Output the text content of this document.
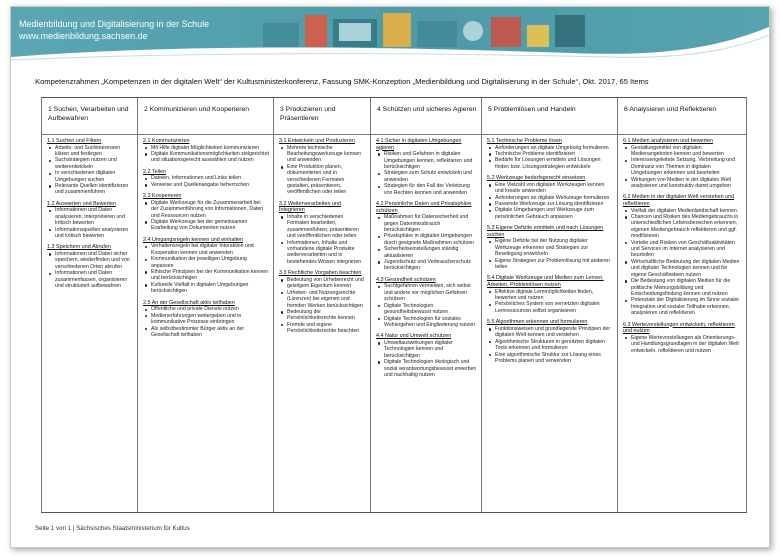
Medienbildung und Digitalisierung in der Schule
www.medienbildung.sachsen.de
Kompetenzrahmen „Kompetenzen in der digitalen Welt“ der Kultusministerkonferenz, Fassung SMK-Konzeption „Medienbildung und Digitalisierung in der Schule“, Okt. 2017, 65 Items
1 Suchen, Verarbeiten und Aufbewahren
1.1 Suchen und Filtern
Arbeits- und Suchinteressen klären und festlegen
Suchstrategien nutzen und weiterentwickeln
In verschiedenen digitalen Umgebungen suchen
Relevante Quellen identifizieren und zusammenführen
1.2 Auswerten und Bewerten
Informationen und Daten analysieren, interpretieren und kritisch bewerten
Informationsquellen analysieren und kritisch bewerten
1.3 Speichern und Abrufen
Informationen und Daten sicher speichern, wiederfinden und von verschiedenen Orten abrufen
Informationen und Daten zusammenfassen, organisieren und strukturiert aufbewahren
2 Kommunizieren und Kooperieren
2.1 Kommunizieren
Mit Hilfe digitaler Möglichkeiten kommunizieren
Digitale Kommunikationsmöglichkeiten zielgerichtet und situationsgerecht auswählen und nutzen
2.2 Teilen
Dateien, Informationen und Links teilen
Verweise und Quellenangabe beherrschen
2.3 Kooperieren
Digitale Werkzeuge für die Zusammenarbeit bei der Zusammenführung von Informationen, Daten und Ressourcen nutzen
Digitale Werkzeuge bei der gemeinsamen Erarbeitung von Dokumenten nutzen
2.4 Umgangsregeln kennen und einhalten
Verhaltensregeln bei digitaler Interaktion und Kooperation kennen und anwenden
Kommunikation der jeweiligen Umgebung anpassen
Ethische Prinzipien bei der Kommunikation kennen und berücksichtigen
Kulturelle Vielfalt in digitalen Umgebungen berücksichtigen
2.5 An der Gesellschaft aktiv teilhaben
Öffentliche und private Dienste nutzen
Medienerfahrungen weitergeben und in kommunikative Prozesse einbringen
Als selbstbestimmter Bürger aktiv an der Gesellschaft teilhaben
3 Produzieren und Präsentieren
3.1 Entwickeln und Produzieren
Mehrere technische Bearbeitungswerkzeuge kennen und anwenden
Eine Produktion planen, dokumentieren und in verschiedenen Formaten gestalten, präsentieren, veröffentlichen oder teilen
3.2 Weiterverarbeiten und Integrieren
Inhalte in verschiedenen Formaten bearbeiten, zusammenführen, präsentieren und veröffentlichen oder teilen
Informationen, Inhalte und vorhandene digitale Produkte weiterverarbeiten und in bestehendes Wissen integrieren
3.3 Rechtliche Vorgaben beachten
Bedeutung von Urheberrecht und geistigem Eigentum kennen
Urheber- und Nutzungsrechte (Lizenzen) bei eigenen und fremden Werken berücksichtigen
Bedeutung der Persönlichkeitsrechte kennen
Fremde und eigene Persönlichkeitsrechte beachten
4 Schützen und sicheres Agieren
4.1 Sicher in digitalen Umgebungen agieren
Risiken und Gefahren in digitalen Umgebungen kennen, reflektieren und berücksichtigen
Strategien zum Schutz entwickeln und anwenden
Strategien für den Fall der Verletzung von Rechten kennen und anwenden
4.2 Persönliche Daten und Privatsphäre schützen
Maßnahmen für Datensicherheit und gegen Datenmissbrauch berücksichtigen
Privatsphäre in digitalen Umgebungen durch geeignete Maßnahmen schützen
Sicherheitseinstellungen ständig aktualisieren
Jugendschutz und Verbraucherschutz berücksichtigen
4.3 Gesundheit schützen
Suchtgefahren vermeiden, sich selbst und andere vor möglichen Gefahren schützen
Digitale Technologien gesundheitsbewusst nutzen
Digitale Technologien für soziales Wohlergehen und Eingliederung nutzen
4.4 Natur und Umwelt schützen
Umweltauswirkungen digitaler Technologien kennen und berücksichtigen
Digitale Technologien ökologisch und sozial verantwortungsbewusst erwerben und nachhaltig nutzen
5 Problemlösen und Handeln
5.1 Technische Probleme lösen
Anforderungen an digitale Umgebung formulieren
Technische Probleme identifizieren
Bedarfe für Lösungen ermitteln und Lösungen finden bzw. Lösungsstrategien entwickeln
5.2 Werkzeuge bedarfsgerecht einsetzen
Eine Vielzahl von digitalen Werkzeugen kennen und kreativ anwenden
Anforderungen an digitale Werkzeuge formulieren
Passende Werkzeuge zur Lösung identifizieren
Digitale Umgebungen und Werkzeuge zum persönlichen Gebrauch anpassen
5.3 Eigene Defizite ermitteln und nach Lösungen suchen
Eigene Defizite bei der Nutzung digitaler Werkzeuge erkennen und Strategien zur Beseitigung entwickeln
Eigene Strategien zur Problemlösung mit anderen teilen
5.4 Digitale Werkzeuge und Medien zum Lernen, Arbeiten, Problemlösen nutzen
Effektive digitale Lernmöglichkeiten finden, bewerten und nutzen
Persönliches System von vernetzten digitalen Lernressourcen selbst organisieren
5.5 Algorithmen erkennen und formulieren
Funktionsweisen und grundlegende Prinzipien der digitalen Welt kennen und verstehen
Algorithmische Strukturen in genutzten digitalen Tools erkennen und formulieren
Eine algorithmische Struktur zur Lösung eines Problems planen und verwenden
6 Analysieren und Reflektieren
6.1 Medien analysieren und bewerten
Gestaltungsmittel von digitalen Medienangeboten kennen und bewerten
Interessengeleitete Setzung, Verbreitung und Dominanz von Themen in digitalen Umgebungen erkennen und beurteilen
Wirkungen von Medien in der digitalen Welt analysieren und konstruktiv damit umgehen
6.2 Medien in der digitalen Welt verstehen und reflektieren
Vielfalt der digitalen Medienlandschaft kennen
Chancen und Risiken des Mediengebrauchs in unterschiedlichen Lebensbereichen erkennen, eigenen Mediengebrauch reflektieren und ggf. modifizieren
Vorteile und Risiken von Geschäftsaktivitäten und Services im Internet analysieren und beurteilen
Wirtschaftliche Bedeutung der digitalen Medien und digitaler Technologien kennen und für eigene Geschäftsideen nutzen
Die Bedeutung von digitalen Medien für die politische Meinungsbildung und Entscheidungsfindung kennen und nutzen
Potenziale der Digitalisierung im Sinne sozialer Integration und sozialer Teilhabe erkennen, analysieren und reflektieren
6.3 Wertevorstellungen entwickeln, reflektieren und nutzen
Eigene Wertevorstellungen als Orientierungs- und Handlungsgrundlagen in der digitalen Welt entwickeln, reflektieren und nutzen
Seite 1 von 1 | Sächsisches Staatsministerium für Kultus
